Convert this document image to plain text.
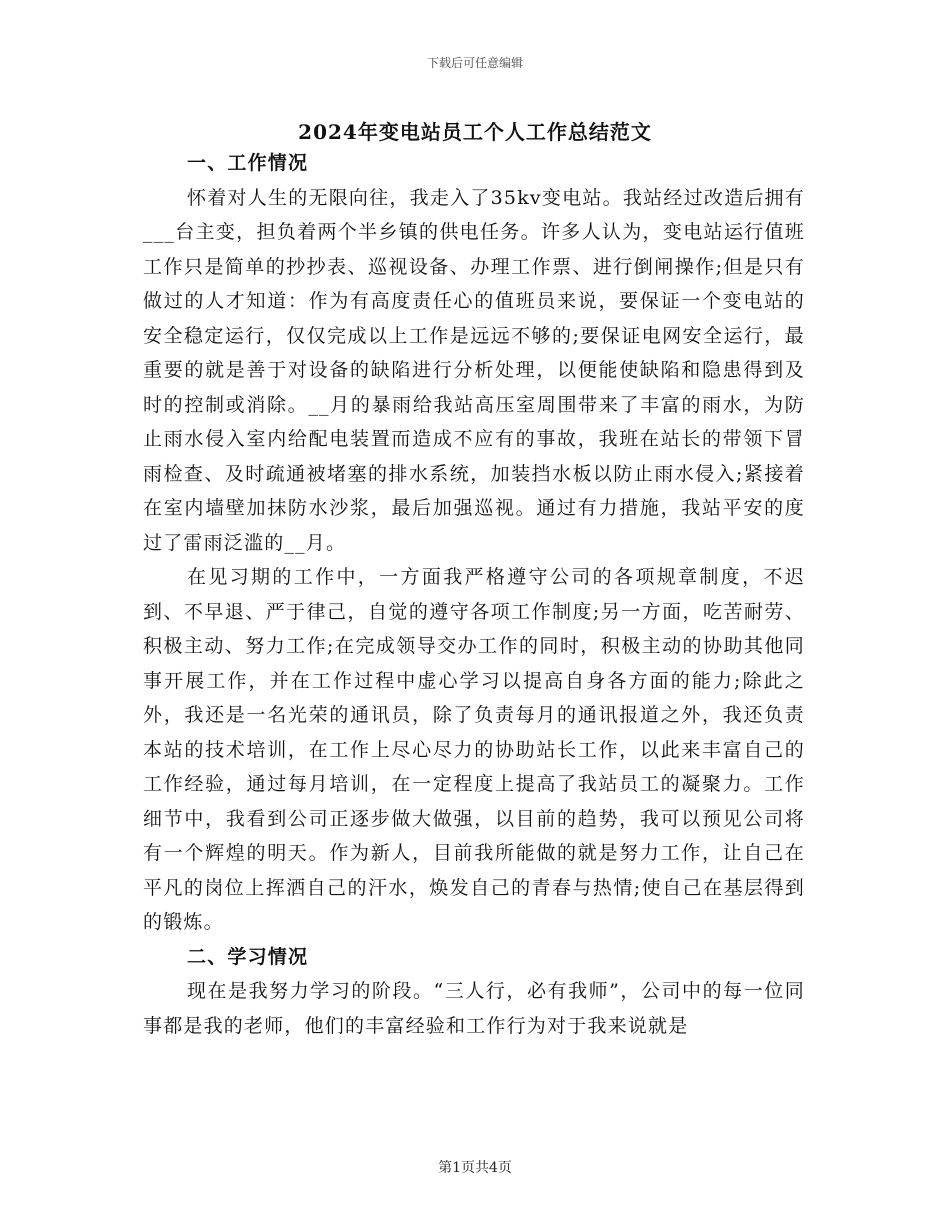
下载后可任意编辑
2024年变电站员工个人工作总结范文

一、工作情况

怀着对人生的无限向往，我走入了35kv变电站。我站经过改造后拥有___台主变，担负着两个半乡镇的供电任务。许多人认为，变电站运行值班工作只是简单的抄抄表、巡视设备、办理工作票、进行倒闸操作;但是只有做过的人才知道：作为有高度责任心的值班员来说，要保证一个变电站的安全稳定运行，仅仅完成以上工作是远远不够的;要保证电网安全运行，最重要的就是善于对设备的缺陷进行分析处理，以便能使缺陷和隐患得到及时的控制或消除。__月的暴雨给我站高压室周围带来了丰富的雨水，为防止雨水侵入室内给配电装置而造成不应有的事故，我班在站长的带领下冒雨检查、及时疏通被堵塞的排水系统，加装挡水板以防止雨水侵入;紧接着在室内墙壁加抹防水沙浆，最后加强巡视。通过有力措施，我站平安的度过了雷雨泛滥的__月。

在见习期的工作中，一方面我严格遵守公司的各项规章制度，不迟到、不早退、严于律己，自觉的遵守各项工作制度;另一方面，吃苦耐劳、积极主动、努力工作;在完成领导交办工作的同时，积极主动的协助其他同事开展工作，并在工作过程中虚心学习以提高自身各方面的能力;除此之外，我还是一名光荣的通讯员，除了负责每月的通讯报道之外，我还负责本站的技术培训，在工作上尽心尽力的协助站长工作，以此来丰富自己的工作经验，通过每月培训，在一定程度上提高了我站员工的凝聚力。工作细节中，我看到公司正逐步做大做强，以目前的趋势，我可以预见公司将有一个辉煌的明天。作为新人，目前我所能做的就是努力工作，让自己在平凡的岗位上挥洒自己的汗水，焕发自己的青春与热情;使自己在基层得到的锻炼。

二、学习情况

现在是我努力学习的阶段。“三人行，必有我师”，公司中的每一位同事都是我的老师，他们的丰富经验和工作行为对于我来说就是

第1页共4页
